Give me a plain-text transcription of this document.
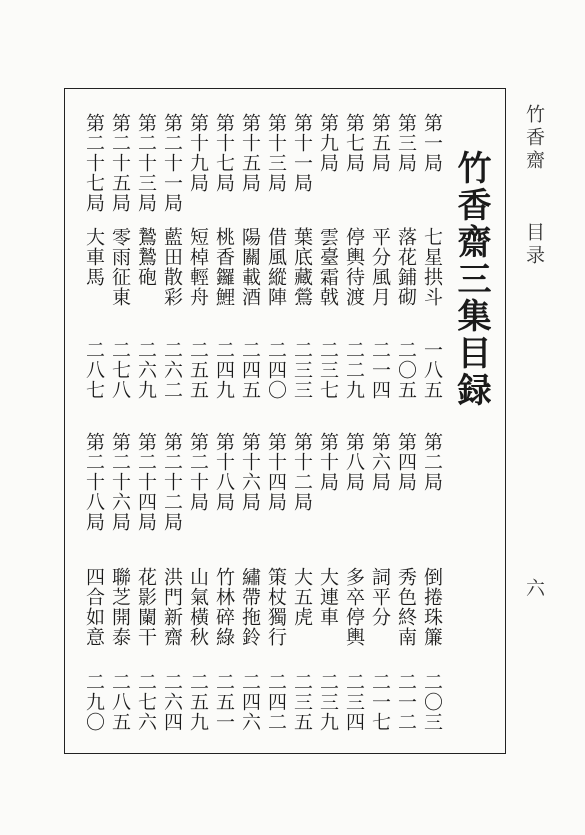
竹香齋
目录
六
竹香齋三集目録
第一局
七星拱斗
一八五
第三局
落花鋪砌
二〇五
第五局
平分風月
二一四
第七局
停輿待渡
二二九
第九局
雲臺霜戟
二三七
第十一局
葉底藏鶯
二三三
第十三局
借風縱陣
二四〇
第十五局
陽關載酒
二四五
第十七局
桃香鑼鯉
二四九
第十九局
短棹輕舟
二五五
第二十一局
藍田散彩
二六二
第二十三局
鷙鷙砲
二六九
第二十五局
零雨征東
二七八
第二十七局
大車馬
二八七
第二局
倒捲珠簾
二〇三
第四局
秀色終南
二一二
第六局
詞平分
二一七
第八局
多卒停輿
二三四
第十局
大連車
二三九
第十二局
大五虎
二三五
第十四局
策杖獨行
二四二
第十六局
繡帶拖鈴
二四六
第十八局
竹林碎綠
二五一
第二十局
山氣橫秋
二五九
第二十二局
洪門新齋
二六四
第二十四局
花影闌干
二七六
第二十六局
聯芝開泰
二八五
第二十八局
四合如意
二九〇
